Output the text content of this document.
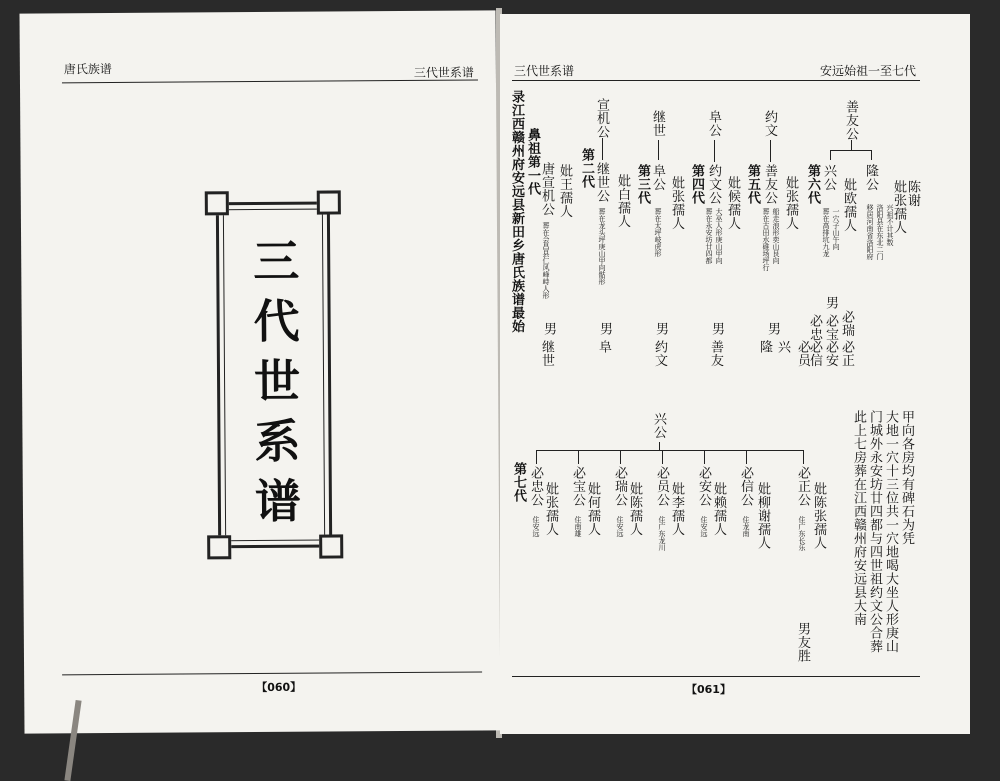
唐氏族谱	三代世系谱
三代世系谱
【060】
三代世系谱	安远始祖一至七代
录江西赣州府安远县新田乡唐氏族谱最始 鼻祖第一代 唐宣机公 妣王孺人
葬在会昌县仁风峰峙人形
男
继世
宣机公
第二代 继世公 妣白孺人
葬在龙头坪庚山甲向骷形
男
阜
继世
第三代 阜公 妣张孺人
葬在太坪岐虎形
男
约文
阜公
第四代 约文公 妣候孺人
大巫人形庚山甲向
葬在永安坊廿四都
男
善友
约文
第五代 善友公 妣张孺人
船走浪形奕山艮向
葬在古田水碓场坪行
男
兴
隆
善友公
第六代 兴公
妣欧孺人
一穴子山午向
葬在高排坑九龙
隆公
妣张孺人 陈谢
兴祖不计其数
洛阳县在东北二门
移居河南省洛阳府
男
必瑞
必宝
必忠
必正
必安
必信
必员
兴公
第七代 必忠公 妣张孺人
住安远
必宝公 妣何孺人
住南雄
必瑞公 妣陈孺人
住安远
必员公 妣李孺人
住广东龙川
必安公 妣赖孺人
住安远
必信公 妣柳谢孺人
住龙南
必正公 妣陈张孺人
住广东长乐
男友胜
此上七房葬在江西赣州府安远县大南 门城外永安坊廿四都与四世祖约文公合葬 大地一穴十三位共一穴地喝大坐人形庚山 甲向各房均有碑石为凭
【061】
